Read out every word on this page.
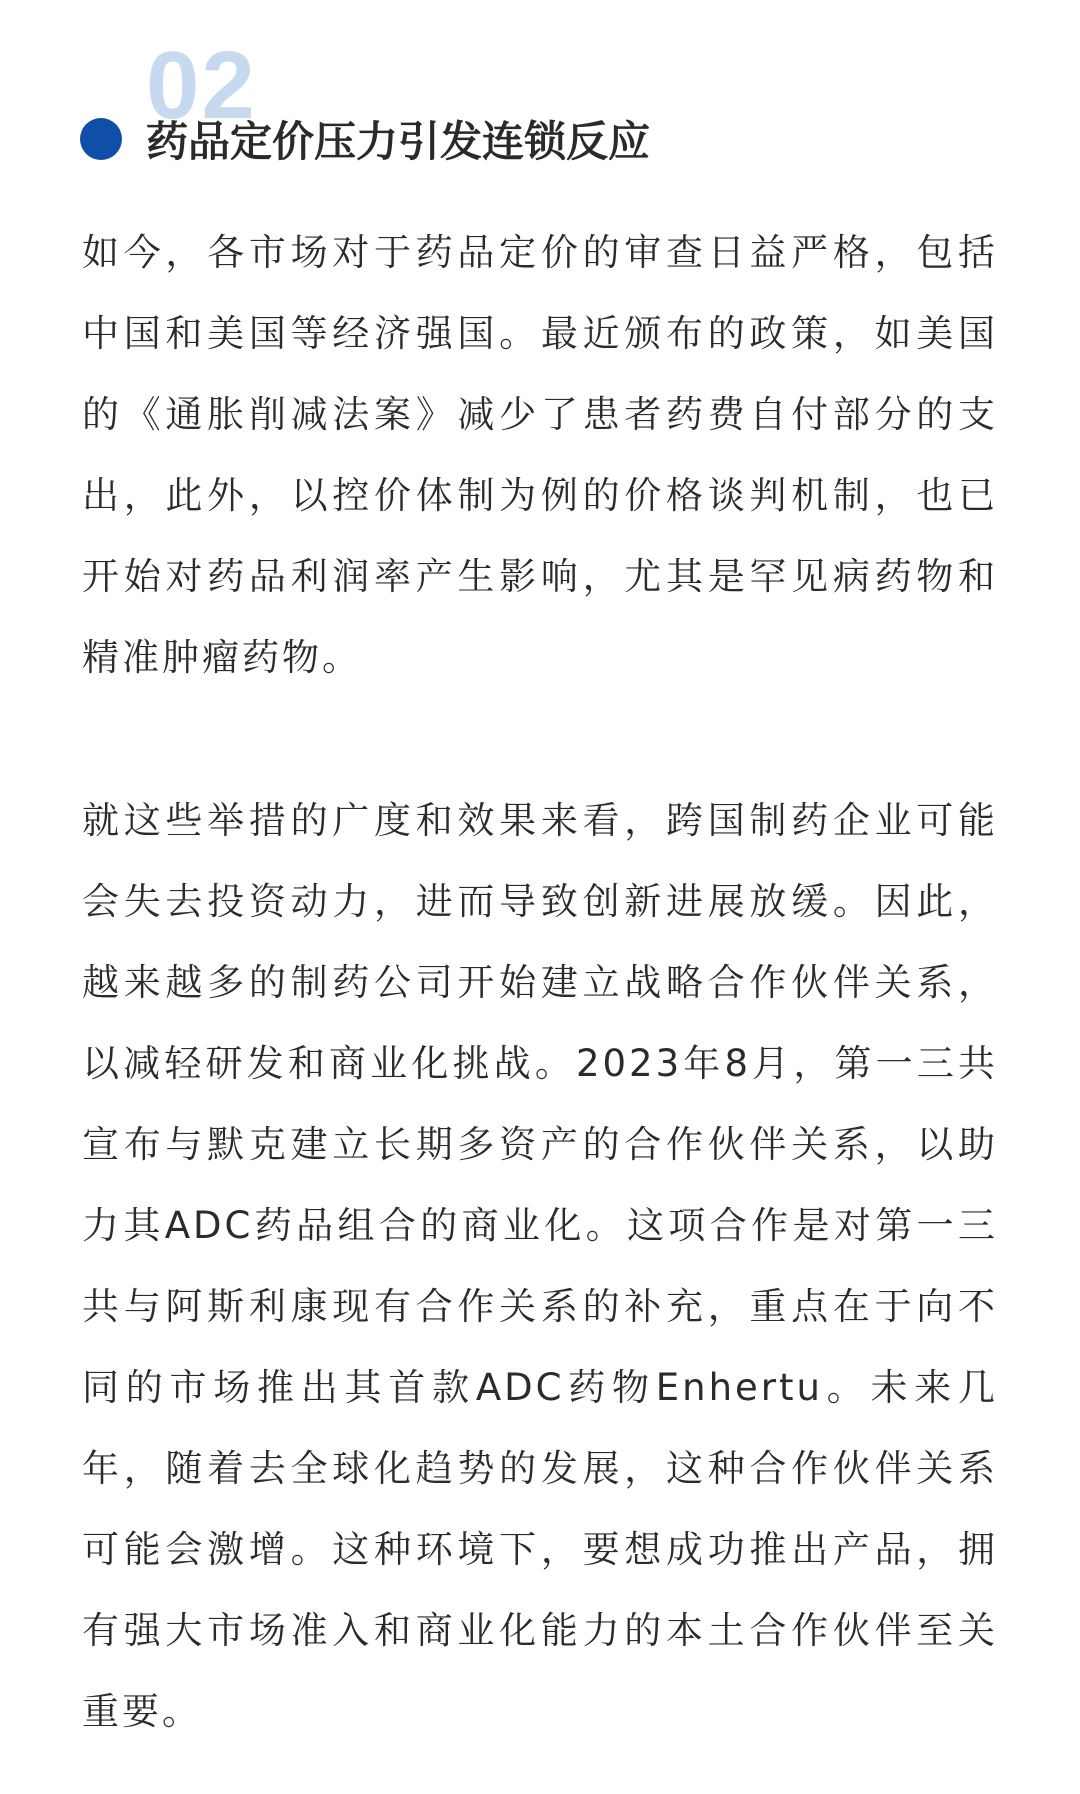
02
药品定价压力引发连锁反应
如今，各市场对于药品定价的审查日益严格，包括中国和美国等经济强国。最近颁布的政策，如美国的《通胀削减法案》减少了患者药费自付部分的支出，此外，以控价体制为例的价格谈判机制，也已开始对药品利润率产生影响，尤其是罕见病药物和精准肿瘤药物。
就这些举措的广度和效果来看，跨国制药企业可能会失去投资动力，进而导致创新进展放缓。因此，越来越多的制药公司开始建立战略合作伙伴关系，以减轻研发和商业化挑战。2023年8月，第一三共宣布与默克建立长期多资产的合作伙伴关系，以助力其ADC药品组合的商业化。这项合作是对第一三共与阿斯利康现有合作关系的补充，重点在于向不同的市场推出其首款ADC药物Enhertu。未来几年，随着去全球化趋势的发展，这种合作伙伴关系可能会激增。这种环境下，要想成功推出产品，拥有强大市场准入和商业化能力的本土合作伙伴至关重要。
